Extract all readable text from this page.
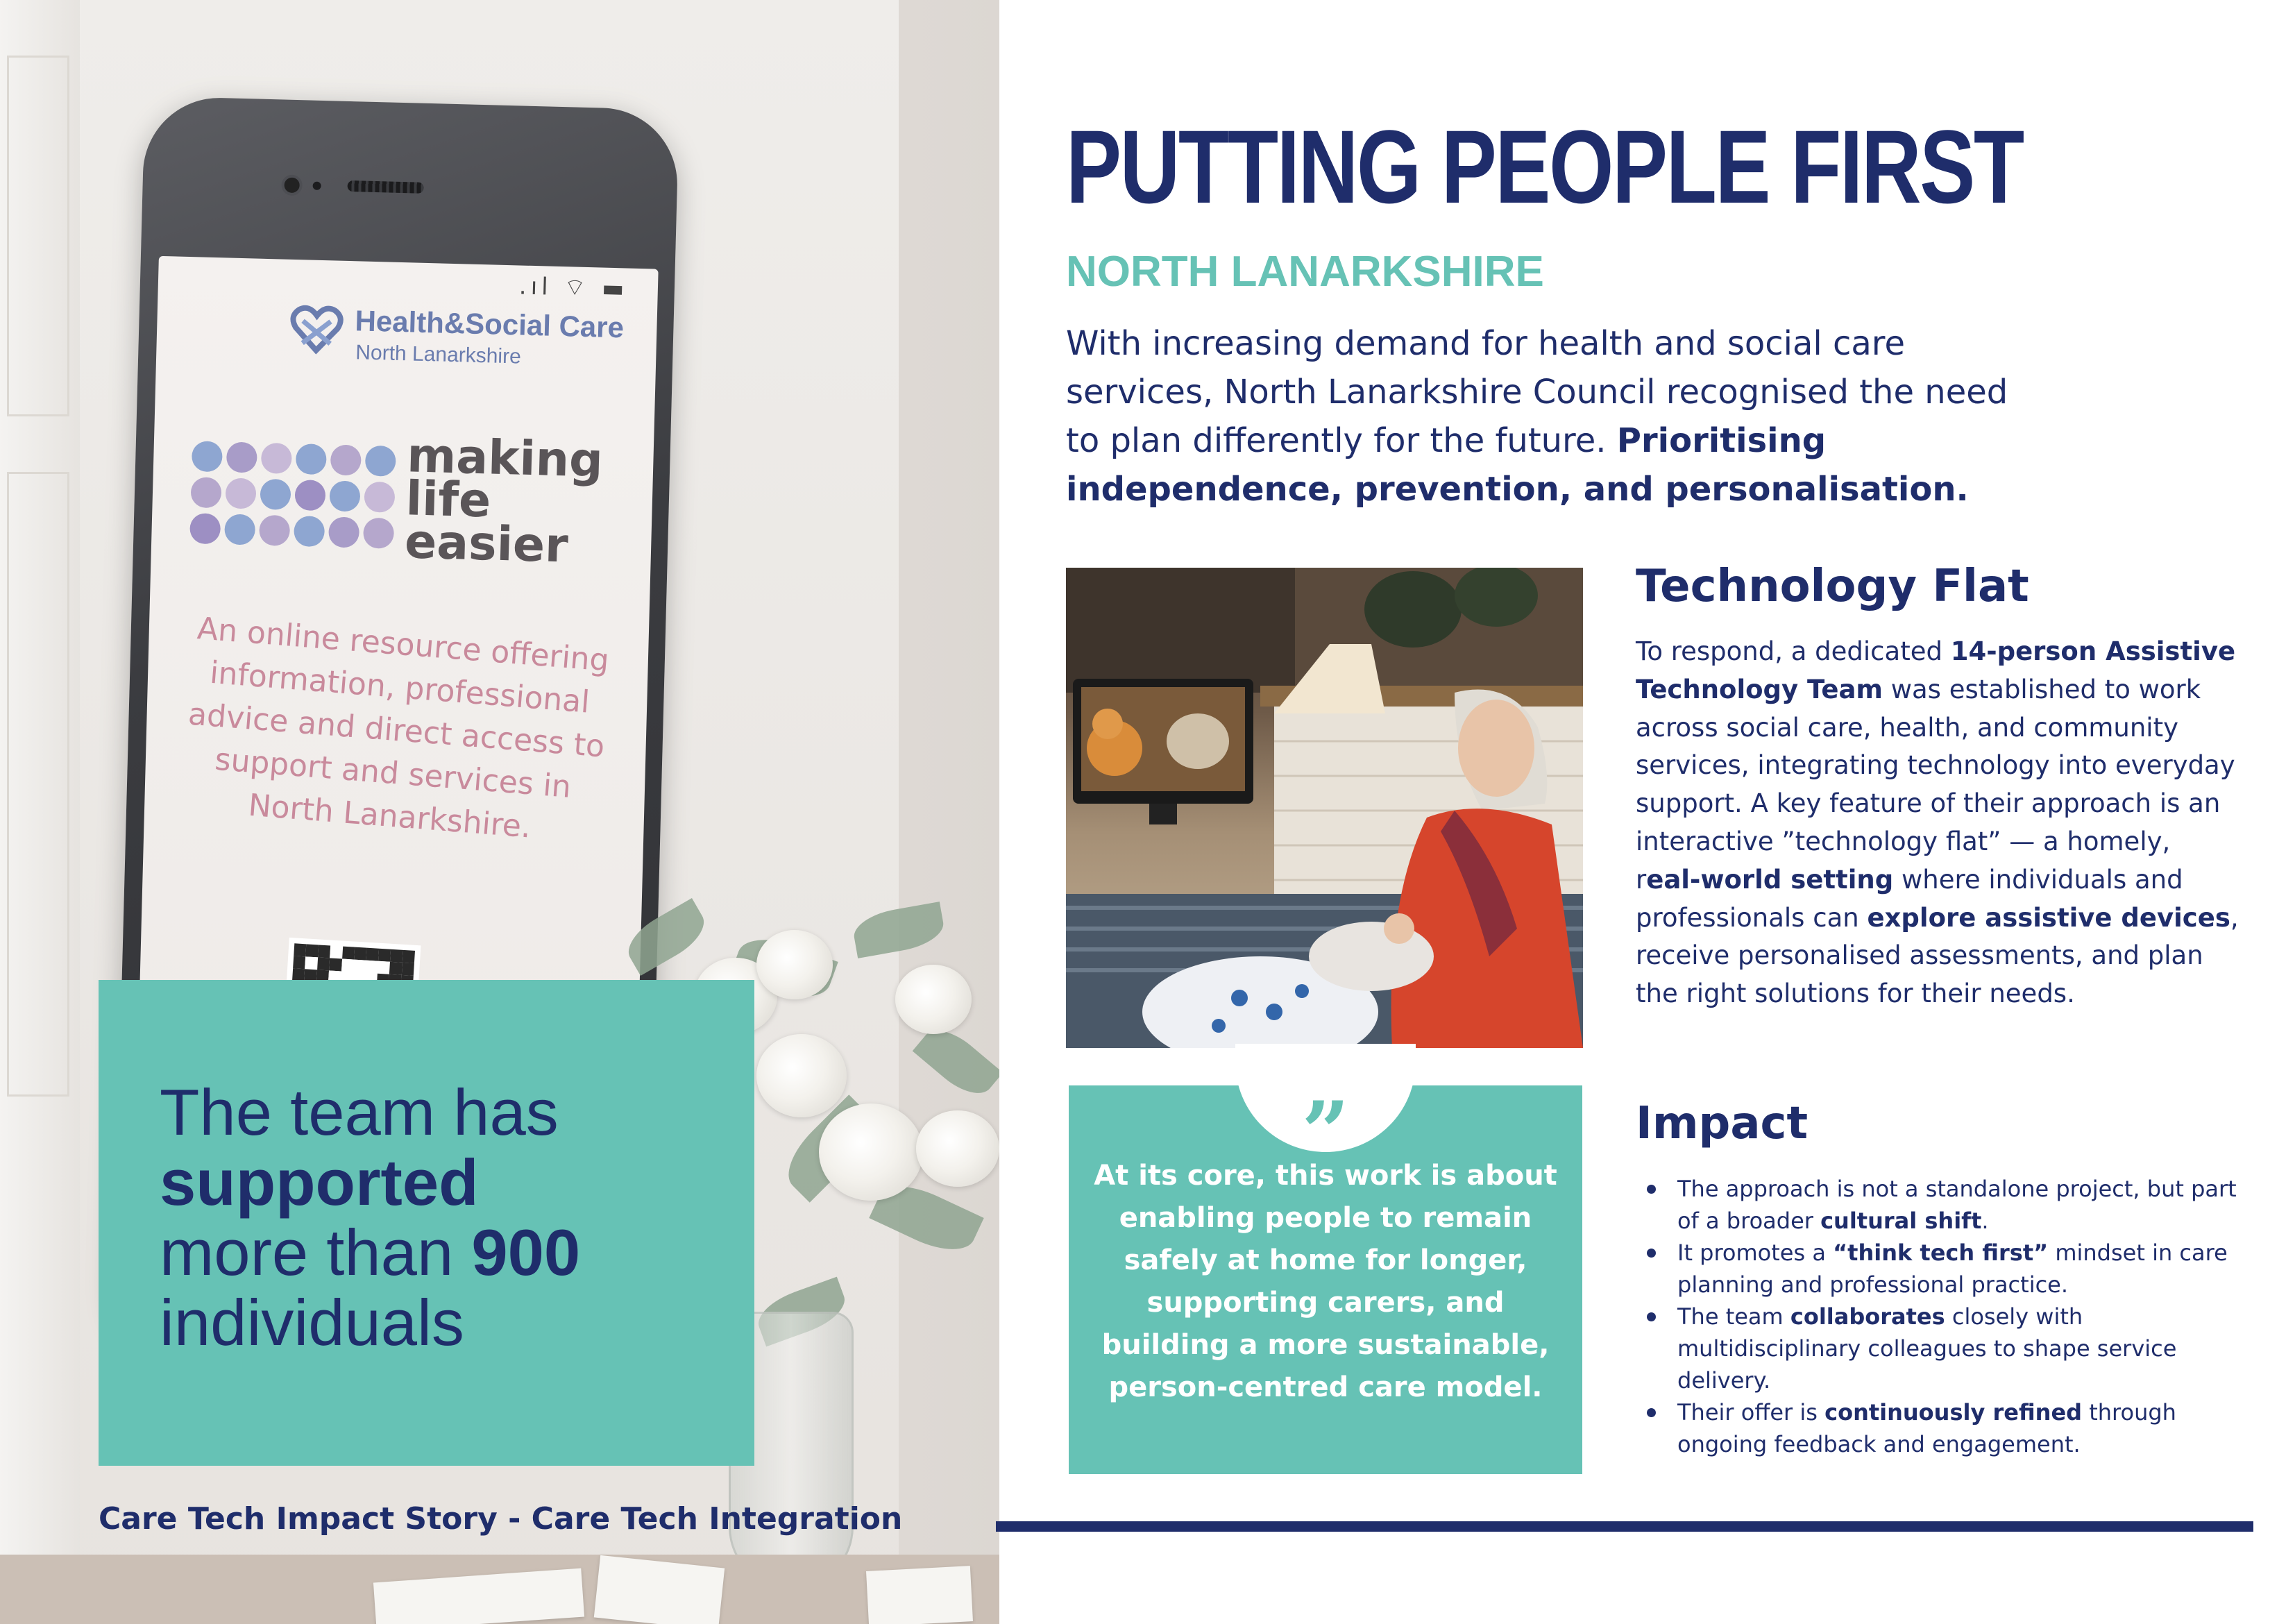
.ıl ⌔ ▬
Health&Social Care
North Lanarkshire
making
life
easier
An online resource offering information, professional advice and direct access to support and services in North Lanarkshire.
The team has
supported
more than 900
individuals
Care Tech Impact Story - Care Tech Integration
PUTTING PEOPLE FIRST
NORTH LANARKSHIRE

With increasing demand for health and social care services, North Lanarkshire Council recognised the need to plan differently for the future. Prioritising independence, prevention, and personalisation.

Technology Flat

To respond, a dedicated 14-person Assistive Technology Team was established to work across social care, health, and community services, integrating technology into everyday support. A key feature of their approach is an interactive ”technology flat” — a homely, real-world setting where individuals and professionals can explore assistive devices, receive personalised assessments, and plan the right solutions for their needs.

”

At its core, this work is about enabling people to remain safely at home for longer, supporting carers, and building a more sustainable, person-centred care model.

Impact
The approach is not a standalone project, but part of a broader cultural shift.
It promotes a “think tech first” mindset in care planning and professional practice.
The team collaborates closely with multidisciplinary colleagues to shape service delivery.
Their offer is continuously refined through ongoing feedback and engagement.
